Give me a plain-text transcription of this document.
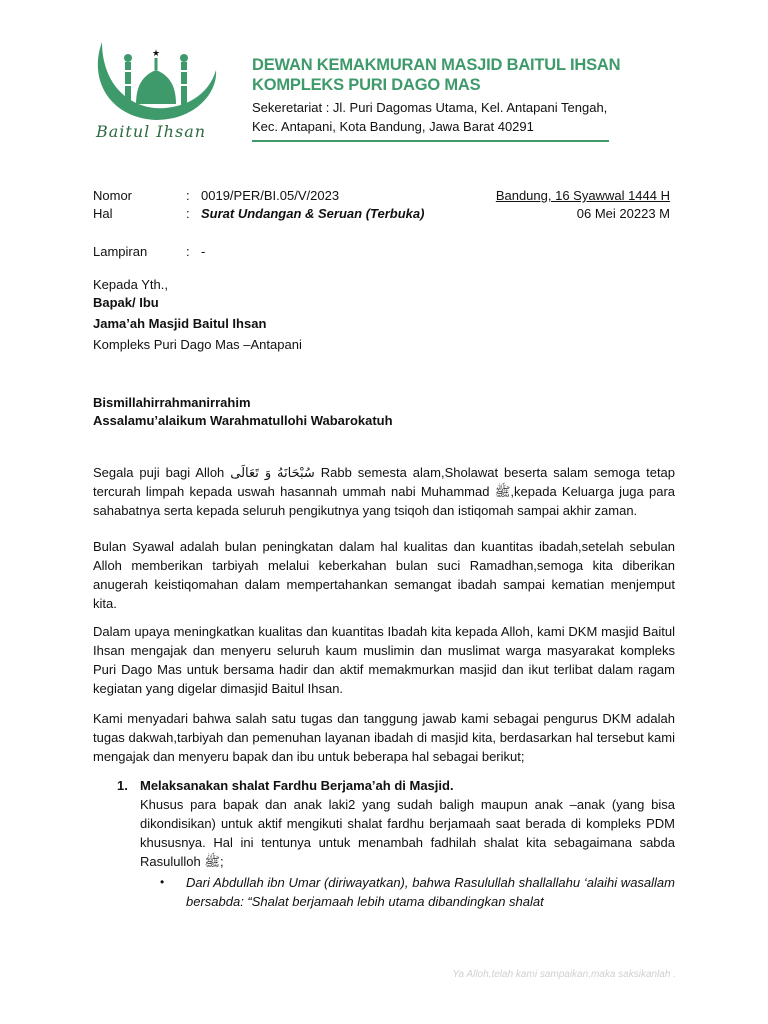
★
Baitul Ihsan
DEWAN KEMAKMURAN MASJID BAITUL IHSAN
KOMPLEKS PURI DAGO MAS
Sekeretariat : Jl. Puri Dagomas Utama, Kel. Antapani Tengah,
Kec. Antapani, Kota Bandung, Jawa Barat 40291
Nomor	: 0019/PER/BI.05/V/2023
Hal	: Surat Undangan & Seruan (Terbuka)
Lampiran	: -
Bandung, 16 Syawwal 1444 H
06 Mei 20223 M
Kepada Yth.,
Bapak/ Ibu
Jama’ah Masjid Baitul Ihsan
Kompleks Puri Dago Mas –Antapani
Bismillahirrahmanirrahim
Assalamu’alaikum Warahmatullohi Wabarokatuh
Segala puji bagi Alloh سُبْحَانَهُ وَ تَعَالَى Rabb semesta alam,Sholawat beserta salam semoga tetap tercurah limpah kepada uswah hasannah ummah nabi Muhammad ﷺ,kepada Keluarga juga para sahabatnya serta kepada seluruh pengikutnya yang tsiqoh dan istiqomah sampai akhir zaman.
Bulan Syawal adalah bulan peningkatan dalam hal kualitas dan kuantitas ibadah,setelah sebulan Alloh memberikan tarbiyah melalui keberkahan bulan suci Ramadhan,semoga kita diberikan anugerah keistiqomahan dalam mempertahankan semangat ibadah sampai kematian menjemput kita.
Dalam upaya meningkatkan kualitas dan kuantitas Ibadah kita kepada Alloh, kami DKM masjid Baitul Ihsan mengajak dan menyeru seluruh kaum muslimin dan muslimat warga masyarakat kompleks Puri Dago Mas untuk bersama hadir dan aktif memakmurkan masjid dan ikut terlibat dalam ragam kegiatan yang digelar dimasjid Baitul Ihsan.
Kami menyadari bahwa salah satu tugas dan tanggung jawab kami sebagai pengurus DKM adalah tugas dakwah,tarbiyah dan pemenuhan layanan ibadah di masjid kita, berdasarkan hal tersebut kami mengajak dan menyeru bapak dan ibu untuk beberapa hal sebagai berikut;
1. Melaksanakan shalat Fardhu Berjama’ah di Masjid.
Khusus para bapak dan anak laki2 yang sudah baligh maupun anak –anak (yang bisa dikondisikan) untuk aktif mengikuti shalat fardhu berjamaah saat berada di kompleks PDM khususnya. Hal ini tentunya untuk menambah fadhilah shalat kita sebagaimana sabda Rasululloh ﷺ;
• Dari Abdullah ibn Umar (diriwayatkan), bahwa Rasulullah shallallahu ‘alaihi wasallam bersabda: “Shalat berjamaah lebih utama dibandingkan shalat
Ya Alloh,telah kami sampaikan,maka saksikanlah .
